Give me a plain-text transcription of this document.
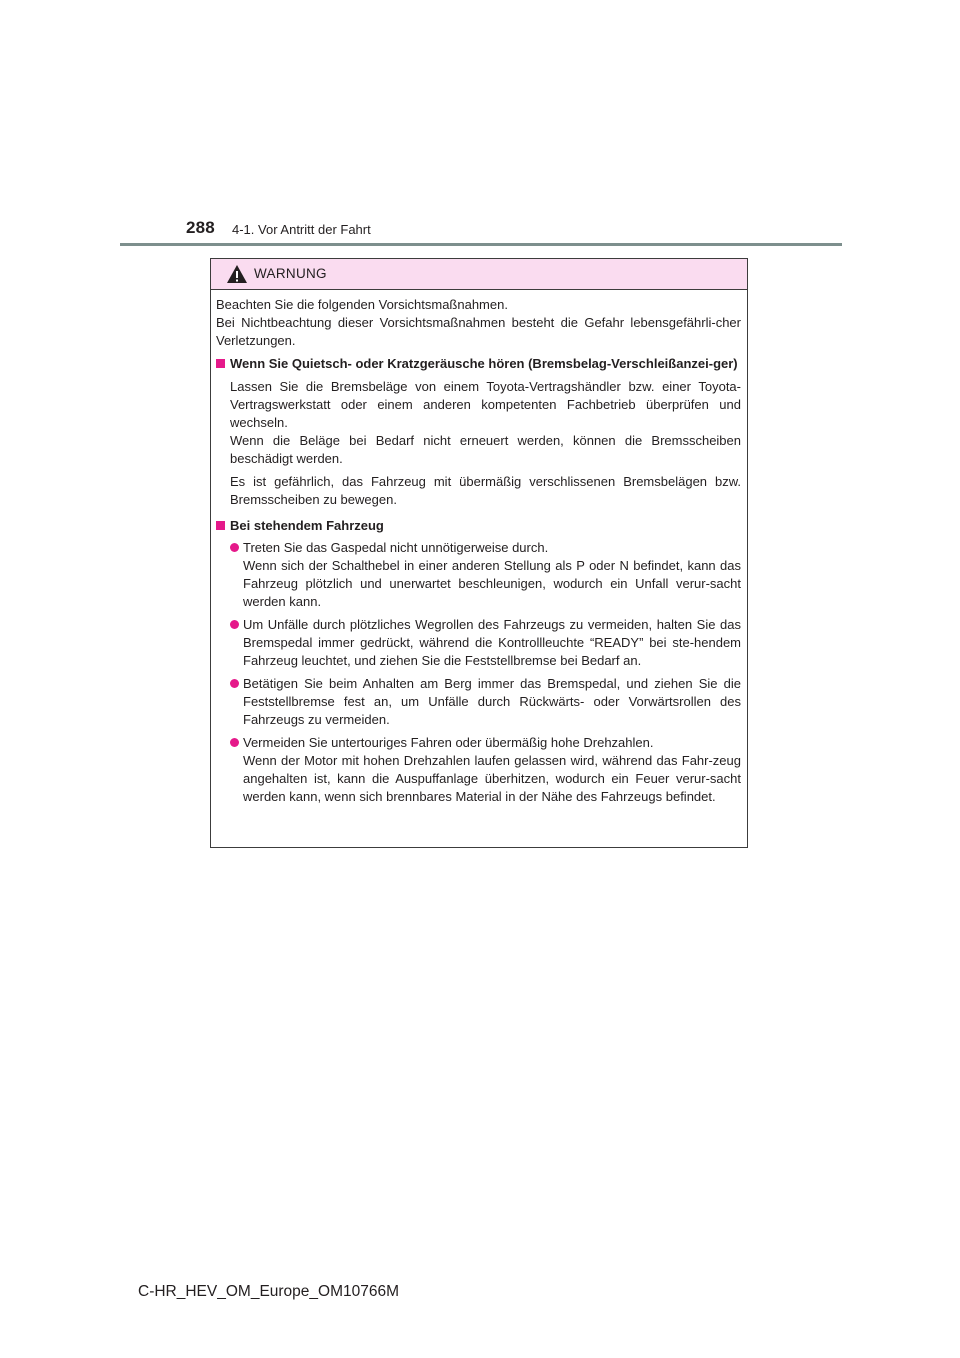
288 4-1. Vor Antritt der Fahrt
WARNUNG

Beachten Sie die folgenden Vorsichtsmaßnahmen.
Bei Nichtbeachtung dieser Vorsichtsmaßnahmen besteht die Gefahr lebensgefährli-cher Verletzungen.

Wenn Sie Quietsch- oder Kratzgeräusche hören (Bremsbelag-Verschleißanzei-ger)

Lassen Sie die Bremsbeläge von einem Toyota-Vertragshändler bzw. einer Toyota-Vertragswerkstatt oder einem anderen kompetenten Fachbetrieb überprüfen und wechseln.
Wenn die Beläge bei Bedarf nicht erneuert werden, können die Bremsscheiben beschädigt werden.

Es ist gefährlich, das Fahrzeug mit übermäßig verschlissenen Bremsbelägen bzw. Bremsscheiben zu bewegen.

Bei stehendem Fahrzeug

Treten Sie das Gaspedal nicht unnötigerweise durch.
Wenn sich der Schalthebel in einer anderen Stellung als P oder N befindet, kann das Fahrzeug plötzlich und unerwartet beschleunigen, wodurch ein Unfall verur-sacht werden kann.

Um Unfälle durch plötzliches Wegrollen des Fahrzeugs zu vermeiden, halten Sie das Bremspedal immer gedrückt, während die Kontrollleuchte “READY” bei ste-hendem Fahrzeug leuchtet, und ziehen Sie die Feststellbremse bei Bedarf an.

Betätigen Sie beim Anhalten am Berg immer das Bremspedal, und ziehen Sie die Feststellbremse fest an, um Unfälle durch Rückwärts- oder Vorwärtsrollen des Fahrzeugs zu vermeiden.

Vermeiden Sie untertouriges Fahren oder übermäßig hohe Drehzahlen.
Wenn der Motor mit hohen Drehzahlen laufen gelassen wird, während das Fahr-zeug angehalten ist, kann die Auspuffanlage überhitzen, wodurch ein Feuer verur-sacht werden kann, wenn sich brennbares Material in der Nähe des Fahrzeugs befindet.

C-HR_HEV_OM_Europe_OM10766M
